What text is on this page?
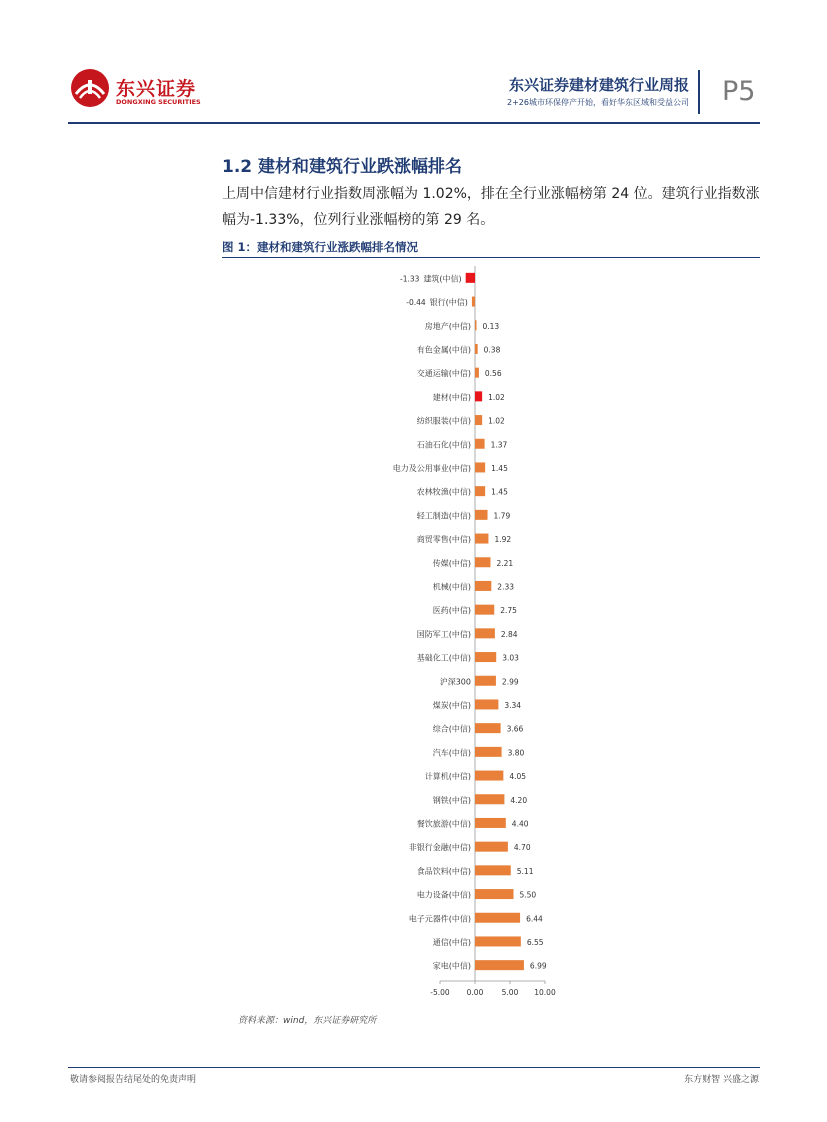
东兴证券
DONGXING SECURITIES
东兴证券建材建筑行业周报
2+26城市环保停产开始，看好华东区域和受益公司 P5
1.2 建材和建筑行业跌涨幅排名
上周中信建材行业指数周涨幅为 1.02%，排在全行业涨幅榜第 24 位。建筑行业指数涨幅为-1.33%，位列行业涨幅榜的第 29 名。
图 1：建材和建筑行业涨跌幅排名情况
建筑(中信)
-1.33
银行(中信)
-0.44
房地产(中信) 0.13
有色金属(中信) 0.38
交通运输(中信) 0.56
建材(中信) 1.02
纺织服装(中信) 1.02
石油石化(中信)	1.37
电力及公用事业(中信)	1.45
农林牧渔(中信)	1.45
轻工制造(中信)	1.79
商贸零售(中信)	1.92
传媒(中信)	2.21
机械(中信)	2.33
医药(中信)	2.75
国防军工(中信)	2.84
基础化工(中信)	3.03
沪深300	2.99
煤炭(中信)	3.34
综合(中信)	3.66
汽车(中信)	3.80
计算机(中信)	4.05
钢铁(中信)	4.20
餐饮旅游(中信)	4.40
非银行金融(中信)	4.70
食品饮料(中信)	5.11
电力设备(中信)	5.50
电子元器件(中信)	6.44
通信(中信)	6.55
家电(中信)	6.99
-5.00 0.00 5.00 10.00
资料来源：wind，东兴证券研究所
敬请参阅报告结尾处的免责声明	东方财智 兴盛之源
